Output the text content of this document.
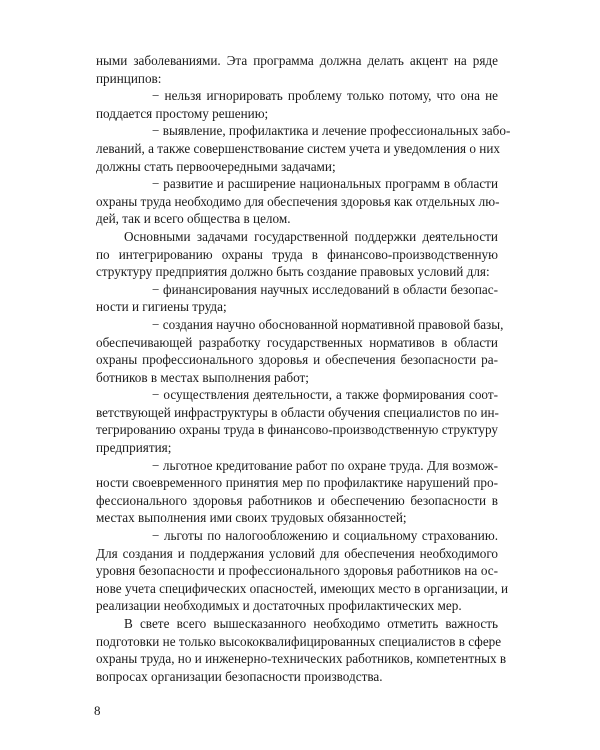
ными заболеваниями. Эта программа должна делать акцент на ряде
принципов:
− нельзя игнорировать проблему только потому, что она не
поддается простому решению;
− выявление, профилактика и лечение профессиональных забо-
леваний, а также совершенствование систем учета и уведомления о них
должны стать первоочередными задачами;
− развитие и расширение национальных программ в области
охраны труда необходимо для обеспечения здоровья как отдельных лю-
дей, так и всего общества в целом.
Основными задачами государственной поддержки деятельности
по интегрированию охраны труда в финансово-производственную
структуру предприятия должно быть создание правовых условий для:
− финансирования научных исследований в области безопас-
ности и гигиены труда;
− создания научно обоснованной нормативной правовой базы,
обеспечивающей разработку государственных нормативов в области
охраны профессионального здоровья и обеспечения безопасности ра-
ботников в местах выполнения работ;
− осуществления деятельности, а также формирования соот-
ветствующей инфраструктуры в области обучения специалистов по ин-
тегрированию охраны труда в финансово-производственную структуру
предприятия;
− льготное кредитование работ по охране труда. Для возмож-
ности своевременного принятия мер по профилактике нарушений про-
фессионального здоровья работников и обеспечению безопасности в
местах выполнения ими своих трудовых обязанностей;
− льготы по налогообложению и социальному страхованию.
Для создания и поддержания условий для обеспечения необходимого
уровня безопасности и профессионального здоровья работников на ос-
нове учета специфических опасностей, имеющих место в организации, и
реализации необходимых и достаточных профилактических мер.
В свете всего вышесказанного необходимо отметить важность
подготовки не только высококвалифицированных специалистов в сфере
охраны труда, но и инженерно-технических работников, компетентных в
вопросах организации безопасности производства.
8
